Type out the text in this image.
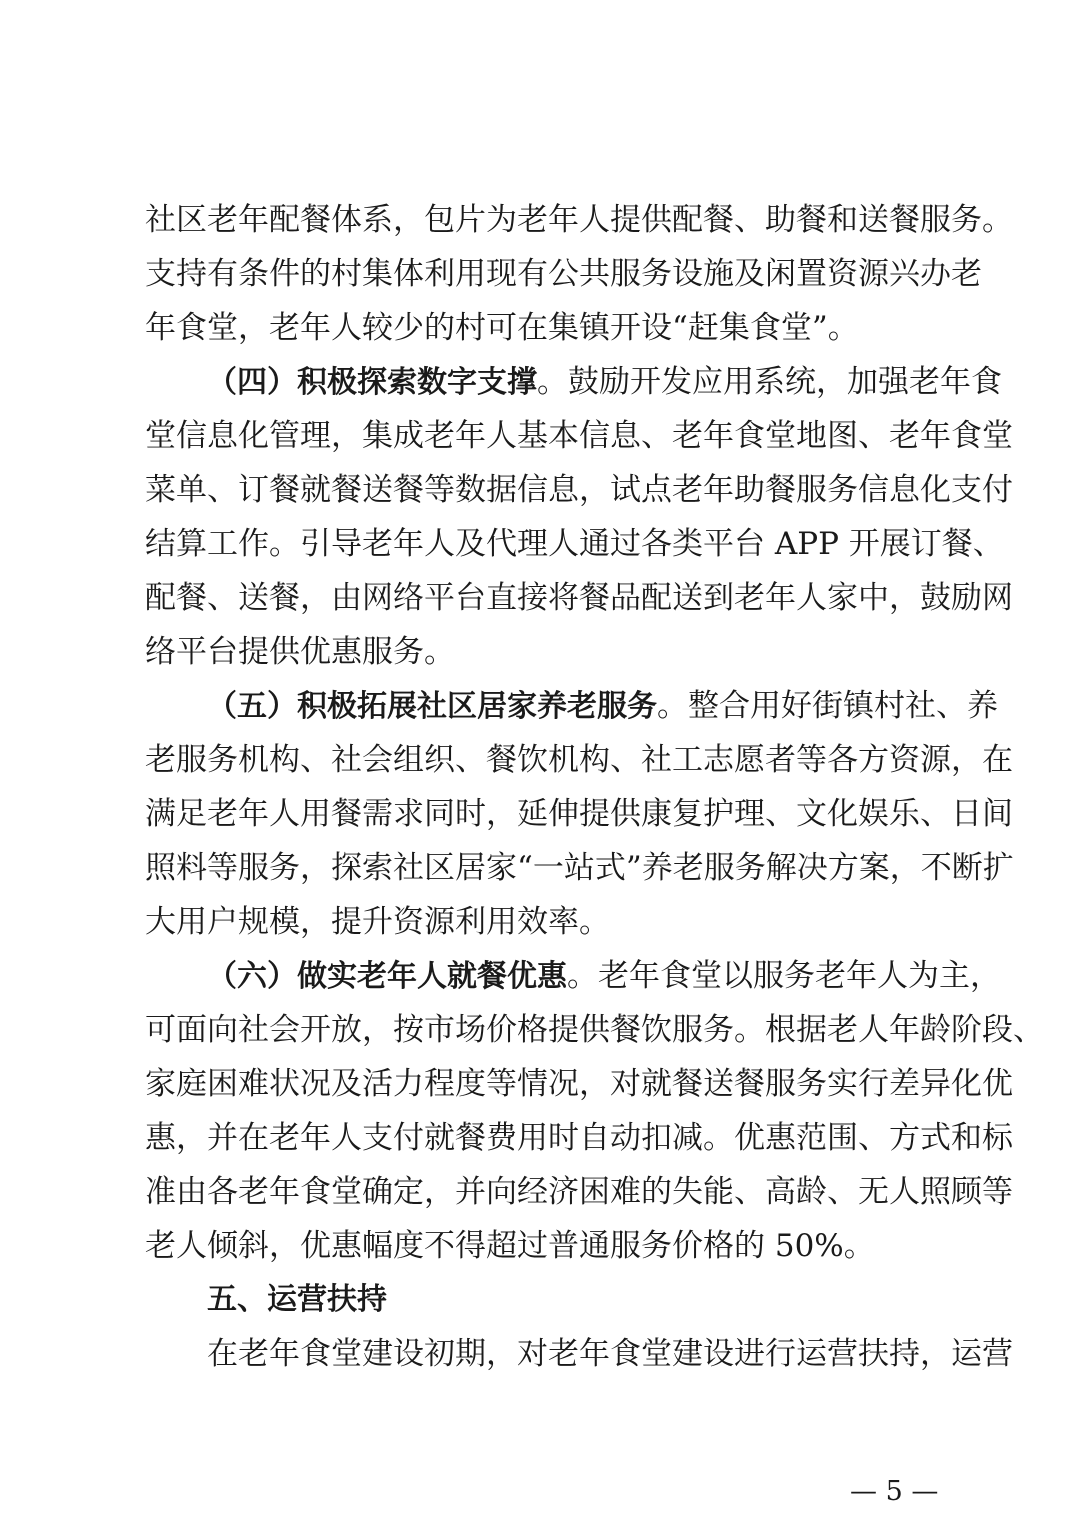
社区老年配餐体系，包片为老年人提供配餐、助餐和送餐服务。
支持有条件的村集体利用现有公共服务设施及闲置资源兴办老
年食堂，老年人较少的村可在集镇开设“赶集食堂”。
（四）积极探索数字支撑。鼓励开发应用系统，加强老年食
堂信息化管理，集成老年人基本信息、老年食堂地图、老年食堂
菜单、订餐就餐送餐等数据信息，试点老年助餐服务信息化支付
结算工作。引导老年人及代理人通过各类平台 APP 开展订餐、
配餐、送餐，由网络平台直接将餐品配送到老年人家中，鼓励网
络平台提供优惠服务。
（五）积极拓展社区居家养老服务。整合用好街镇村社、养
老服务机构、社会组织、餐饮机构、社工志愿者等各方资源，在
满足老年人用餐需求同时，延伸提供康复护理、文化娱乐、日间
照料等服务，探索社区居家“一站式”养老服务解决方案，不断扩
大用户规模，提升资源利用效率。
（六）做实老年人就餐优惠。老年食堂以服务老年人为主，
可面向社会开放，按市场价格提供餐饮服务。根据老人年龄阶段、
家庭困难状况及活力程度等情况，对就餐送餐服务实行差异化优
惠，并在老年人支付就餐费用时自动扣减。优惠范围、方式和标
准由各老年食堂确定，并向经济困难的失能、高龄、无人照顾等
老人倾斜，优惠幅度不得超过普通服务价格的 50%。
五、运营扶持
在老年食堂建设初期，对老年食堂建设进行运营扶持，运营
— 5 —
